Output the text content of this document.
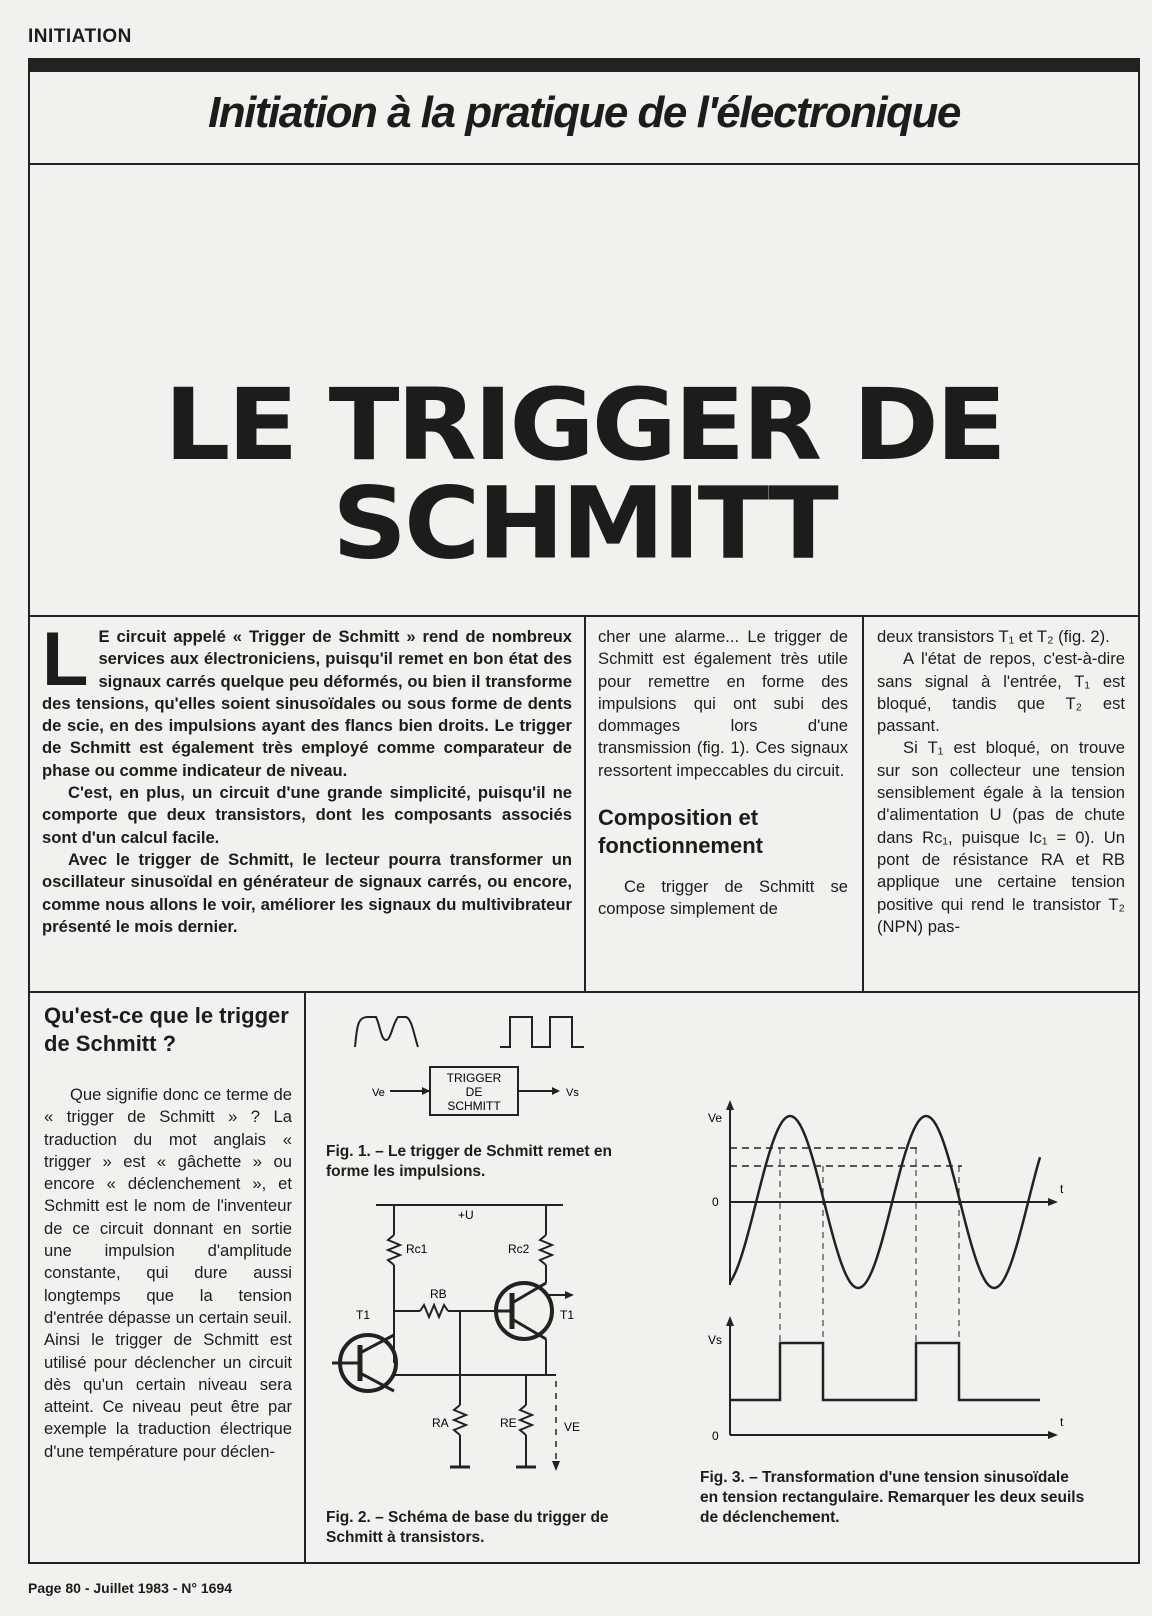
INITIATION
Initiation à la pratique de l'électronique
LE TRIGGER DE SCHMITT
L E circuit appelé « Trigger de Schmitt » rend de nombreux services aux électroniciens, puisqu'il remet en bon état des signaux carrés quelque peu déformés, ou bien il transforme des tensions, qu'elles soient sinusoïdales ou sous forme de dents de scie, en des impulsions ayant des flancs bien droits. Le trigger de Schmitt est également très employé comme comparateur de phase ou comme indicateur de niveau.

C'est, en plus, un circuit d'une grande simplicité, puisqu'il ne comporte que deux transistors, dont les composants associés sont d'un calcul facile.

Avec le trigger de Schmitt, le lecteur pourra transformer un oscillateur sinusoïdal en générateur de signaux carrés, ou encore, comme nous allons le voir, améliorer les signaux du multivibrateur présenté le mois dernier.

cher une alarme... Le trigger de Schmitt est également très utile pour remettre en forme des impulsions qui ont subi des dommages lors d'une transmission (fig. 1). Ces signaux ressortent impeccables du circuit.

Composition et fonctionnement

Ce trigger de Schmitt se compose simplement de

deux transistors T₁ et T₂ (fig. 2).

A l'état de repos, c'est-à-dire sans signal à l'entrée, T₁ est bloqué, tandis que T₂ est passant.

Si T₁ est bloqué, on trouve sur son collecteur une tension sensiblement égale à la tension d'alimentation U (pas de chute dans Rc₁, puisque Ic₁ = 0). Un pont de résistance RA et RB applique une certaine tension positive qui rend le transistor T₂ (NPN) pas-

Qu'est-ce que le trigger de Schmitt ?

Que signifie donc ce terme de « trigger de Schmitt » ? La traduction du mot anglais « trigger » est « gâchette » ou encore « déclenchement », et Schmitt est le nom de l'inventeur de ce circuit donnant en sortie une impulsion d'amplitude constante, qui dure aussi longtemps que la tension d'entrée dépasse un certain seuil. Ainsi le trigger de Schmitt est utilisé pour déclencher un circuit dès qu'un certain niveau sera atteint. Ce niveau peut être par exemple la traduction électrique d'une température pour déclen-

TRIGGER
DE
SCHMITT
Ve	Vs
Fig. 1. – Le trigger de Schmitt remet en forme les impulsions.
+U
Rc1	Rc2
RB
T1
T1
RA	RE	VE
Fig. 2. – Schéma de base du trigger de Schmitt à transistors.
Ve
0
t
Vs
0
t
Fig. 3. – Transformation d'une tension sinusoïdale en tension rectangulaire. Remarquer les deux seuils de déclenchement.
Page 80 - Juillet 1983 - N° 1694
